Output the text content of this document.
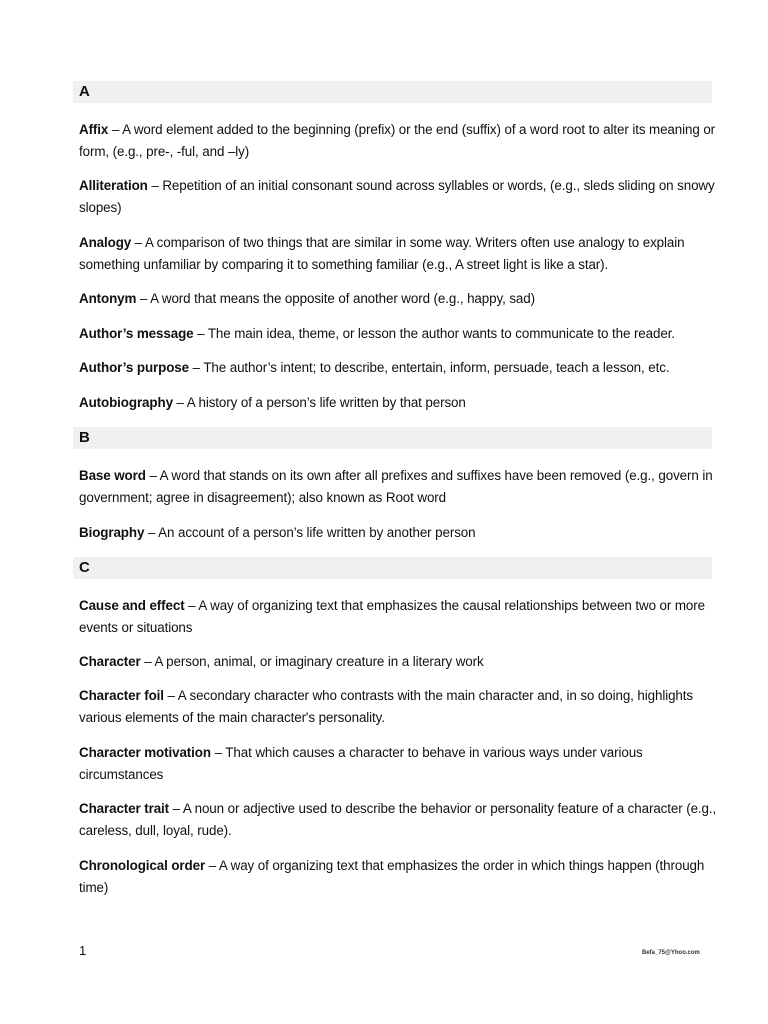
A
Affix – A word element added to the beginning (prefix) or the end (suffix) of a word root to alter its meaning or form, (e.g., pre-, -ful, and –ly)
Alliteration – Repetition of an initial consonant sound across syllables or words, (e.g., sleds sliding on snowy slopes)
Analogy – A comparison of two things that are similar in some way. Writers often use analogy to explain something unfamiliar by comparing it to something familiar (e.g., A street light is like a star).
Antonym – A word that means the opposite of another word (e.g., happy, sad)
Author’s message – The main idea, theme, or lesson the author wants to communicate to the reader.
Author’s purpose – The author’s intent; to describe, entertain, inform, persuade, teach a lesson, etc.
Autobiography – A history of a person’s life written by that person
B
Base word – A word that stands on its own after all prefixes and suffixes have been removed (e.g., govern in government; agree in disagreement); also known as Root word
Biography – An account of a person’s life written by another person
C
Cause and effect – A way of organizing text that emphasizes the causal relationships between two or more events or situations
Character – A person, animal, or imaginary creature in a literary work
Character foil – A secondary character who contrasts with the main character and, in so doing, highlights various elements of the main character's personality.
Character motivation – That which causes a character to behave in various ways under various circumstances
Character trait – A noun or adjective used to describe the behavior or personality feature of a character (e.g., careless, dull, loyal, rude).
Chronological order – A way of organizing text that emphasizes the order in which things happen (through time)
1	Befa_75@Yhoo.com
